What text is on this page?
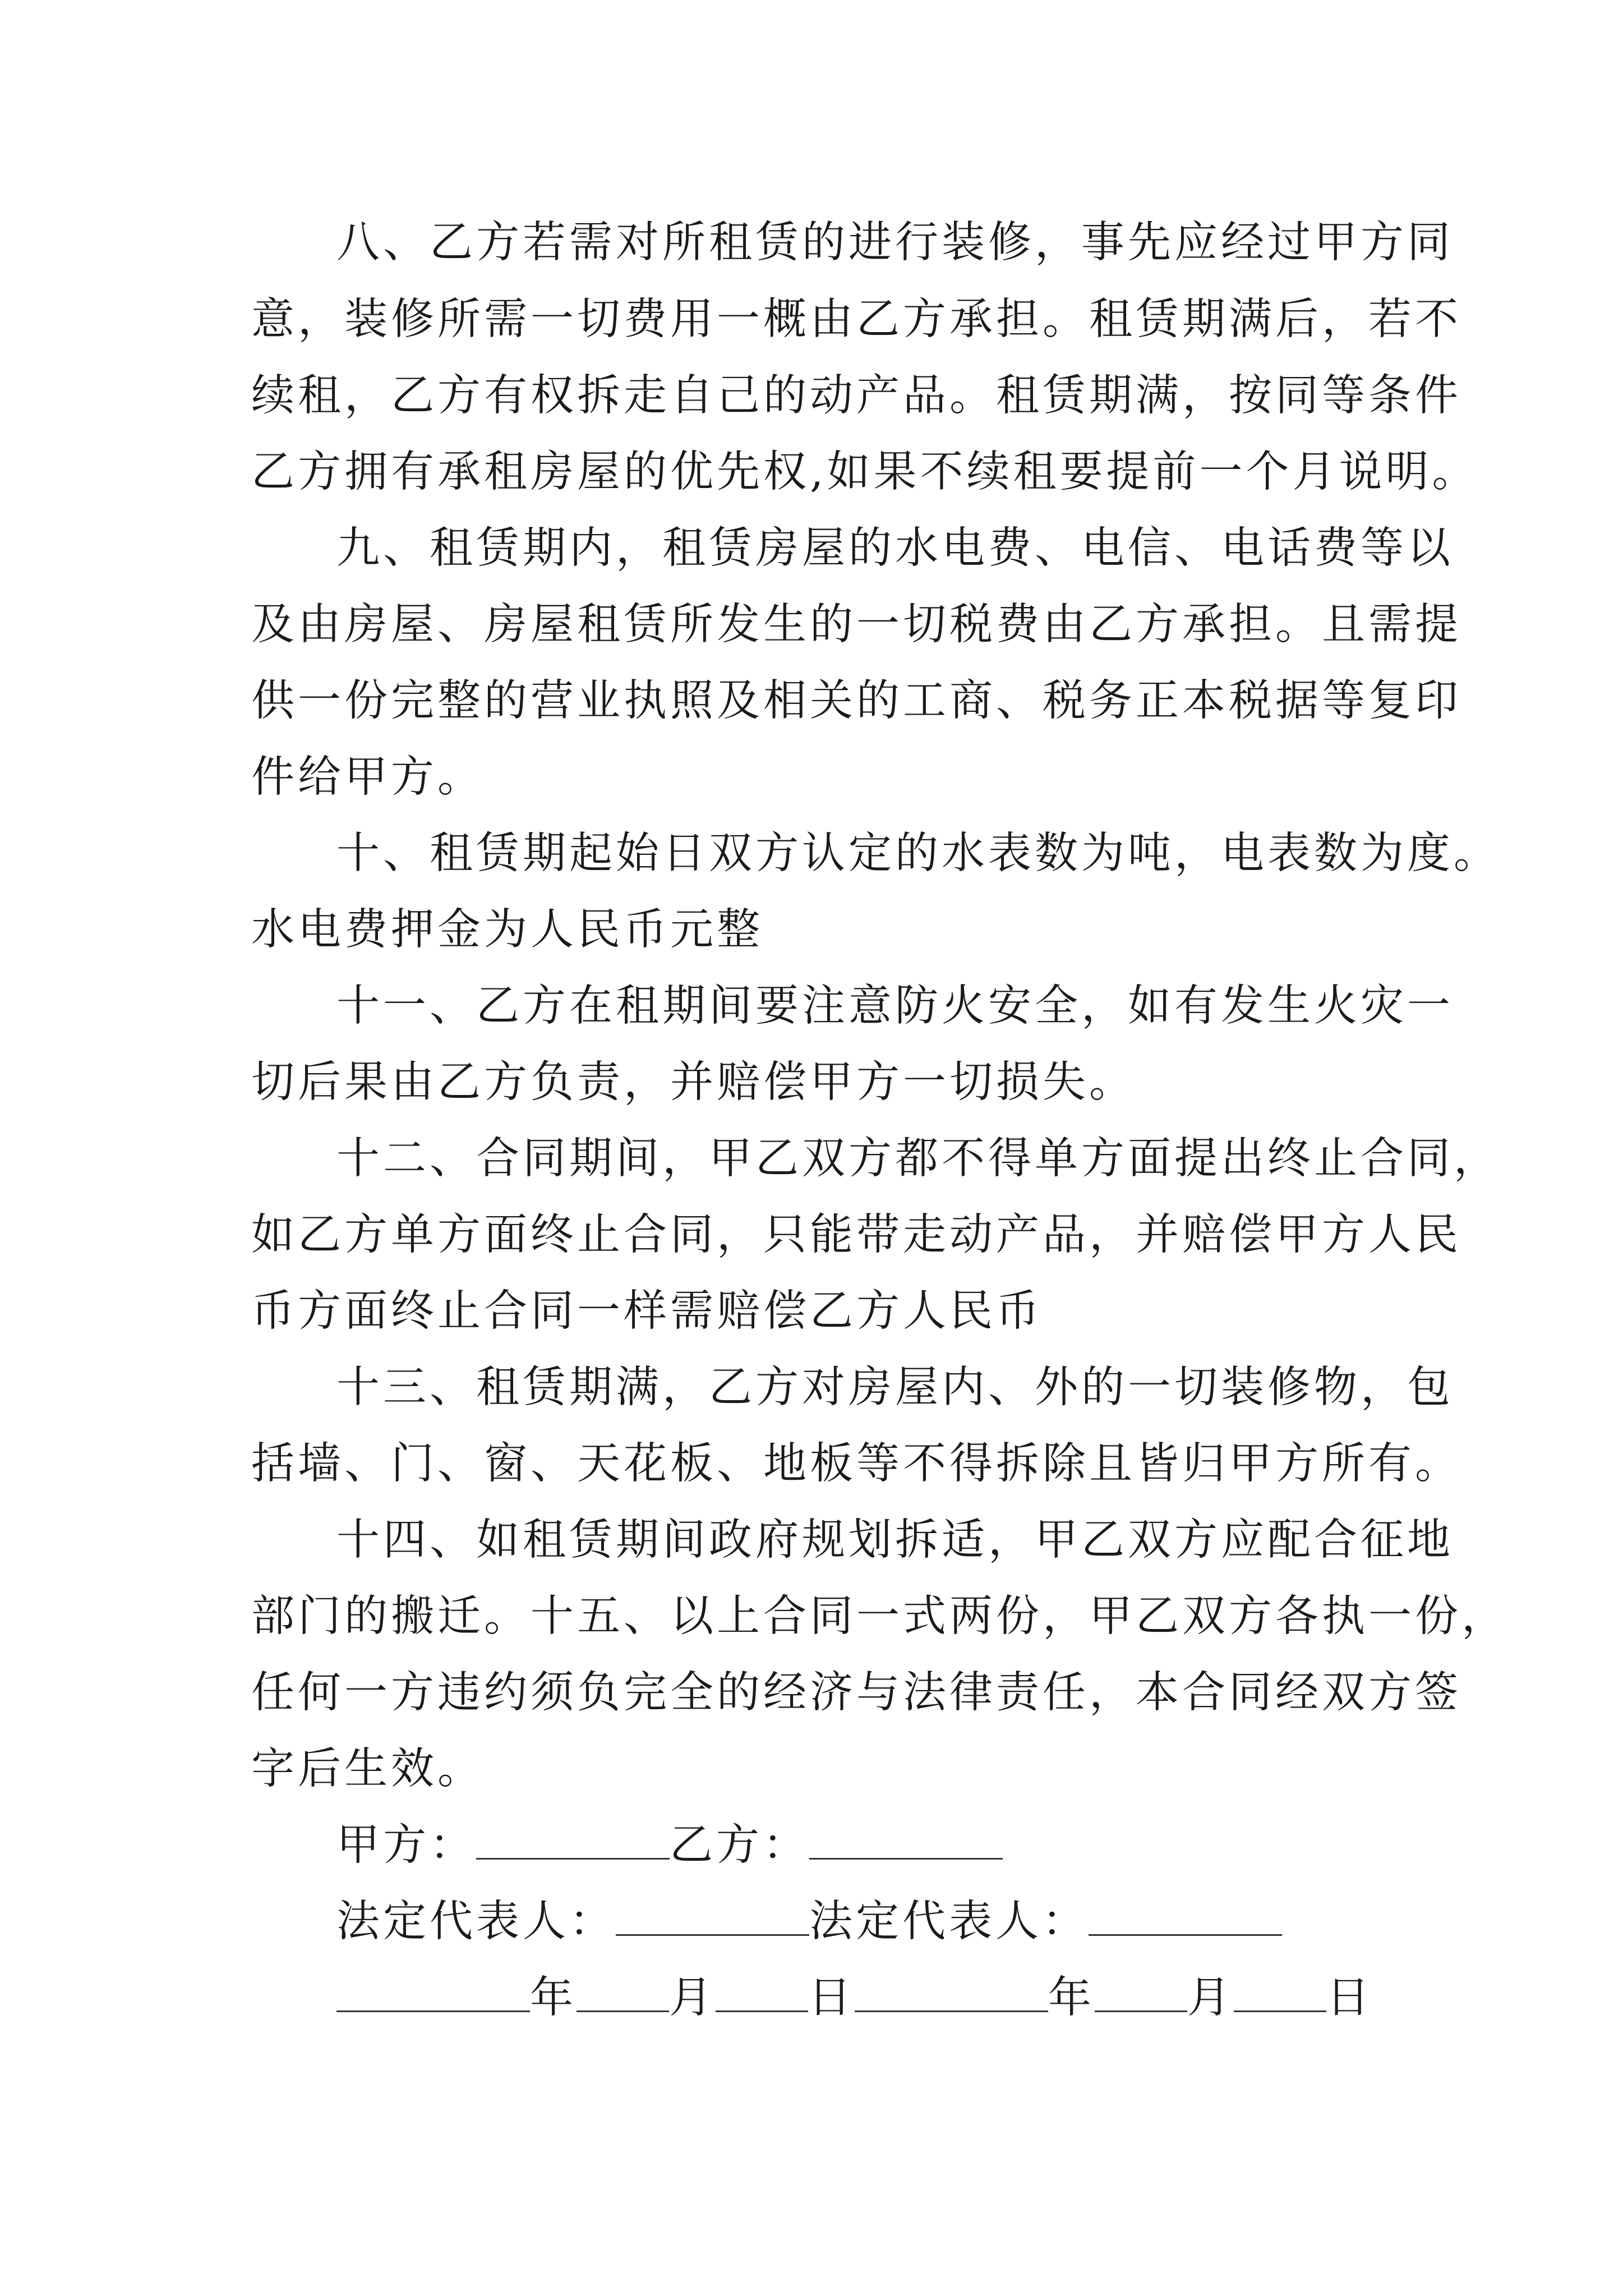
八、乙方若需对所租赁的进行装修，事先应经过甲方同
意，装修所需一切费用一概由乙方承担。租赁期满后，若不
续租，乙方有权拆走自己的动产品。租赁期满，按同等条件
乙方拥有承租房屋的优先权,如果不续租要提前一个月说明。
九、租赁期内，租赁房屋的水电费、电信、电话费等以
及由房屋、房屋租赁所发生的一切税费由乙方承担。且需提
供一份完整的营业执照及相关的工商、税务正本税据等复印
件给甲方。
十、租赁期起始日双方认定的水表数为吨，电表数为度。
水电费押金为人民币元整
十一、乙方在租期间要注意防火安全，如有发生火灾一
切后果由乙方负责，并赔偿甲方一切损失。
十二、合同期间，甲乙双方都不得单方面提出终止合同，
如乙方单方面终止合同，只能带走动产品，并赔偿甲方人民
币方面终止合同一样需赔偿乙方人民币
十三、租赁期满，乙方对房屋内、外的一切装修物，包
括墙、门、窗、天花板、地板等不得拆除且皆归甲方所有。
十四、如租赁期间政府规划拆适，甲乙双方应配合征地
部门的搬迁。十五、以上合同一式两份，甲乙双方各执一份，
任何一方违约须负完全的经济与法律责任，本合同经双方签
字后生效。
甲方：	乙方：
法定代表人：	法定代表人：
年 月 日	年 月 日
